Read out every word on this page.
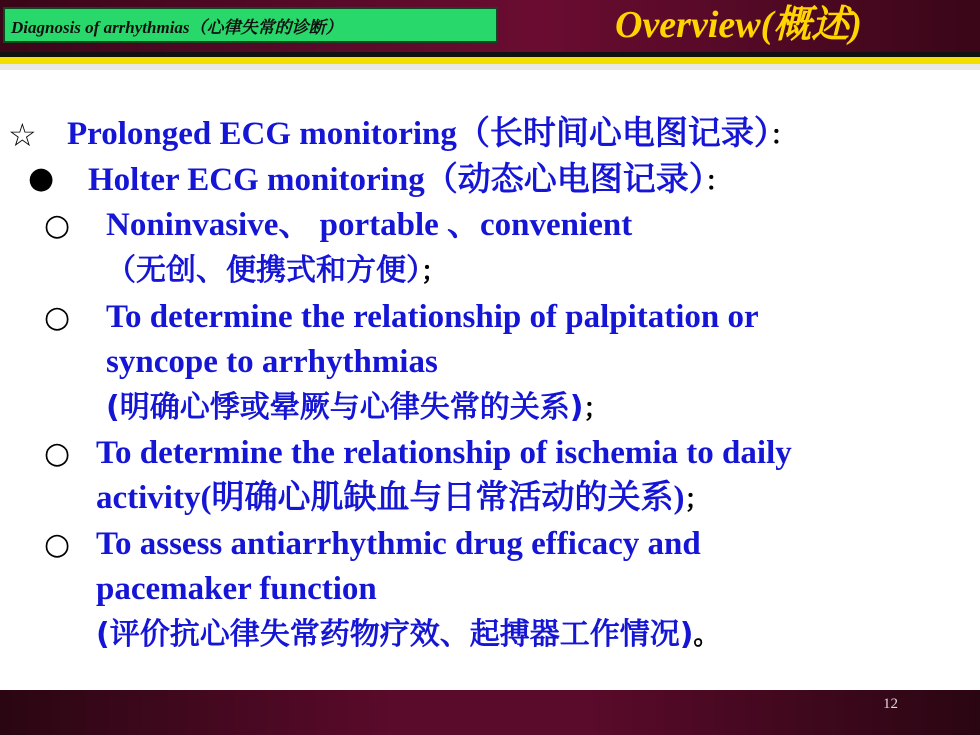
Diagnosis of arrhythmias（心律失常的诊断）	Overview(概述)
☆ Prolonged ECG monitoring（长时间心电图记录）：
● Holter ECG monitoring（动态心电图记录）：
○ Noninvasive、 portable 、convenient
（无创、便携式和方便）；
○ To determine the relationship of palpitation or
syncope to arrhythmias
(明确心悸或晕厥与心律失常的关系)；
○ To determine the relationship of ischemia to daily
activity(明确心肌缺血与日常活动的关系)；
○ To assess antiarrhythmic drug efficacy and
pacemaker function
(评价抗心律失常药物疗效、起搏器工作情况)。
12
